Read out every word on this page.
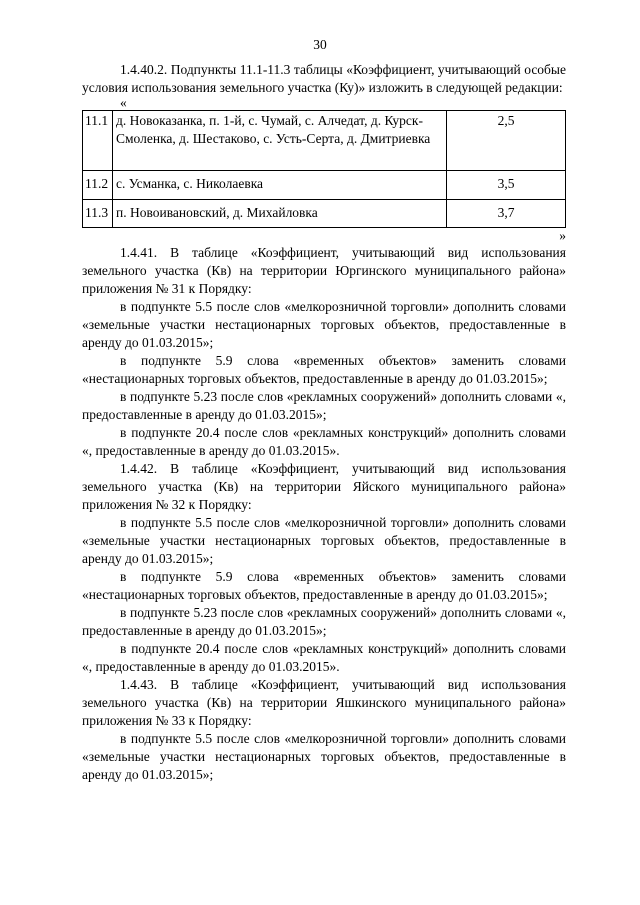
30

1.4.40.2. Подпункты 11.1-11.3 таблицы «Коэффициент, учитывающий особые условия использования земельного участка (Ку)» изложить в следующей редакции:

«
11.1	д. Новоказанка, п. 1-й, с. Чумай, с. Алчедат, д. Курск-Смоленка, д. Шестаково, с. Усть-Серта, д. Дмитриевка	2,5
11.2	с. Усманка, с. Николаевка	3,5
11.3	п. Новоивановский, д. Михайловка	3,7
»

1.4.41. В таблице «Коэффициент, учитывающий вид использования земельного участка (Кв) на территории Юргинского муниципального района» приложения № 31 к Порядку:

в подпункте 5.5 после слов «мелкорозничной торговли» дополнить словами «земельные участки нестационарных торговых объектов, предоставленные в аренду до 01.03.2015»;

в подпункте 5.9 слова «временных объектов» заменить словами «нестационарных торговых объектов, предоставленные в аренду до 01.03.2015»;

в подпункте 5.23 после слов «рекламных сооружений» дополнить словами «, предоставленные в аренду до 01.03.2015»;

в подпункте 20.4 после слов «рекламных конструкций» дополнить словами «, предоставленные в аренду до 01.03.2015».

1.4.42. В таблице «Коэффициент, учитывающий вид использования земельного участка (Кв) на территории Яйского муниципального района» приложения № 32 к Порядку:

в подпункте 5.5 после слов «мелкорозничной торговли» дополнить словами «земельные участки нестационарных торговых объектов, предоставленные в аренду до 01.03.2015»;

в подпункте 5.9 слова «временных объектов» заменить словами «нестационарных торговых объектов, предоставленные в аренду до 01.03.2015»;

в подпункте 5.23 после слов «рекламных сооружений» дополнить словами «, предоставленные в аренду до 01.03.2015»;

в подпункте 20.4 после слов «рекламных конструкций» дополнить словами «, предоставленные в аренду до 01.03.2015».

1.4.43. В таблице «Коэффициент, учитывающий вид использования земельного участка (Кв) на территории Яшкинского муниципального района» приложения № 33 к Порядку:

в подпункте 5.5 после слов «мелкорозничной торговли» дополнить словами «земельные участки нестационарных торговых объектов, предоставленные в аренду до 01.03.2015»;
